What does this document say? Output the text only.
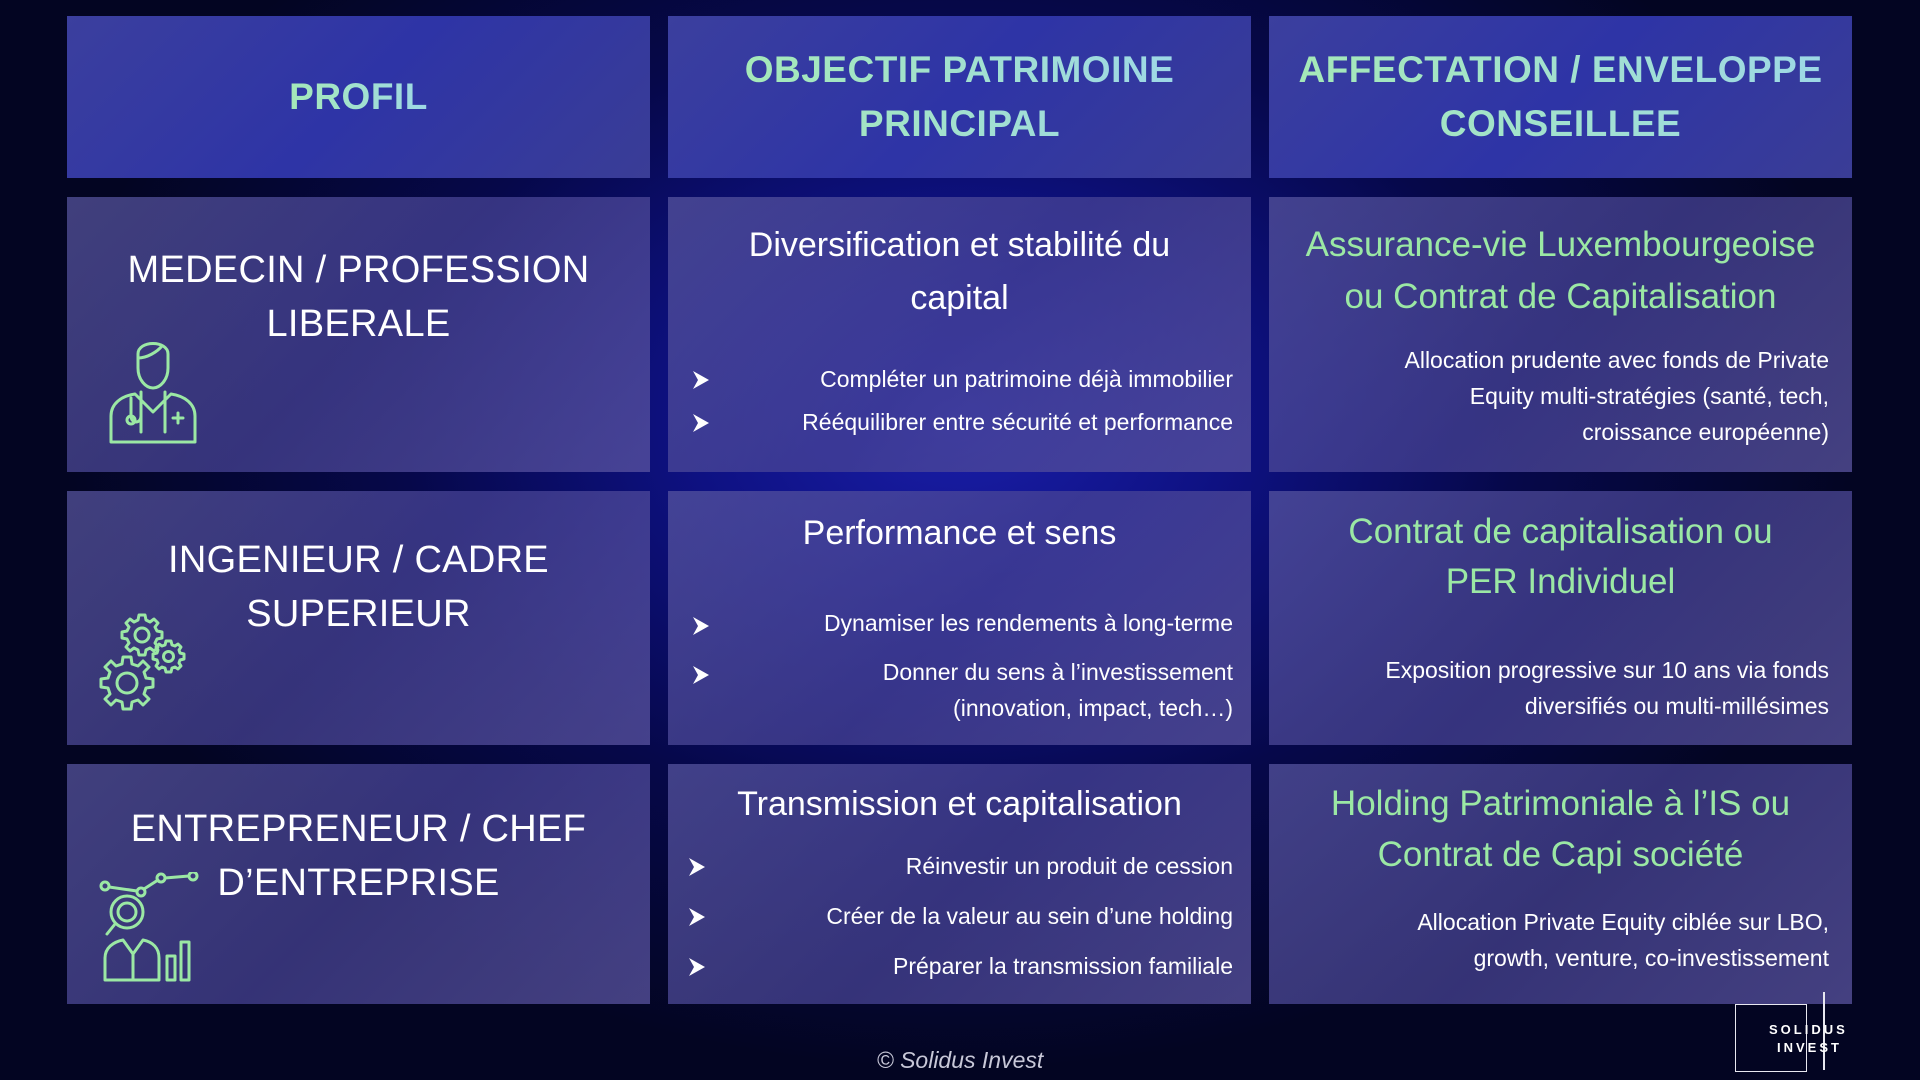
PROFIL
OBJECTIF PATRIMOINE
PRINCIPAL
AFFECTATION / ENVELOPPE
CONSEILLEE
MEDECIN / PROFESSION
LIBERALE
Diversification et stabilité du
capital
Compléter un patrimoine déjà immobilier
Rééquilibrer entre sécurité et performance
Assurance-vie Luxembourgeoise
ou Contrat de Capitalisation
Allocation prudente avec fonds de Private
Equity multi-stratégies (santé, tech,
croissance européenne)
INGENIEUR / CADRE
SUPERIEUR
Performance et sens
Dynamiser les rendements à long-terme
Donner du sens à l’investissement
(innovation, impact, tech…)
Contrat de capitalisation ou
PER Individuel
Exposition progressive sur 10 ans via fonds
diversifiés ou multi-millésimes
ENTREPRENEUR / CHEF
D’ENTREPRISE
Transmission et capitalisation
Réinvestir un produit de cession
Créer de la valeur au sein d’une holding
Préparer la transmission familiale
Holding Patrimoniale à l’IS ou
Contrat de Capi société
Allocation Private Equity ciblée sur LBO,
growth, venture, co-investissement
© Solidus Invest
SOLIDUS
INVEST
